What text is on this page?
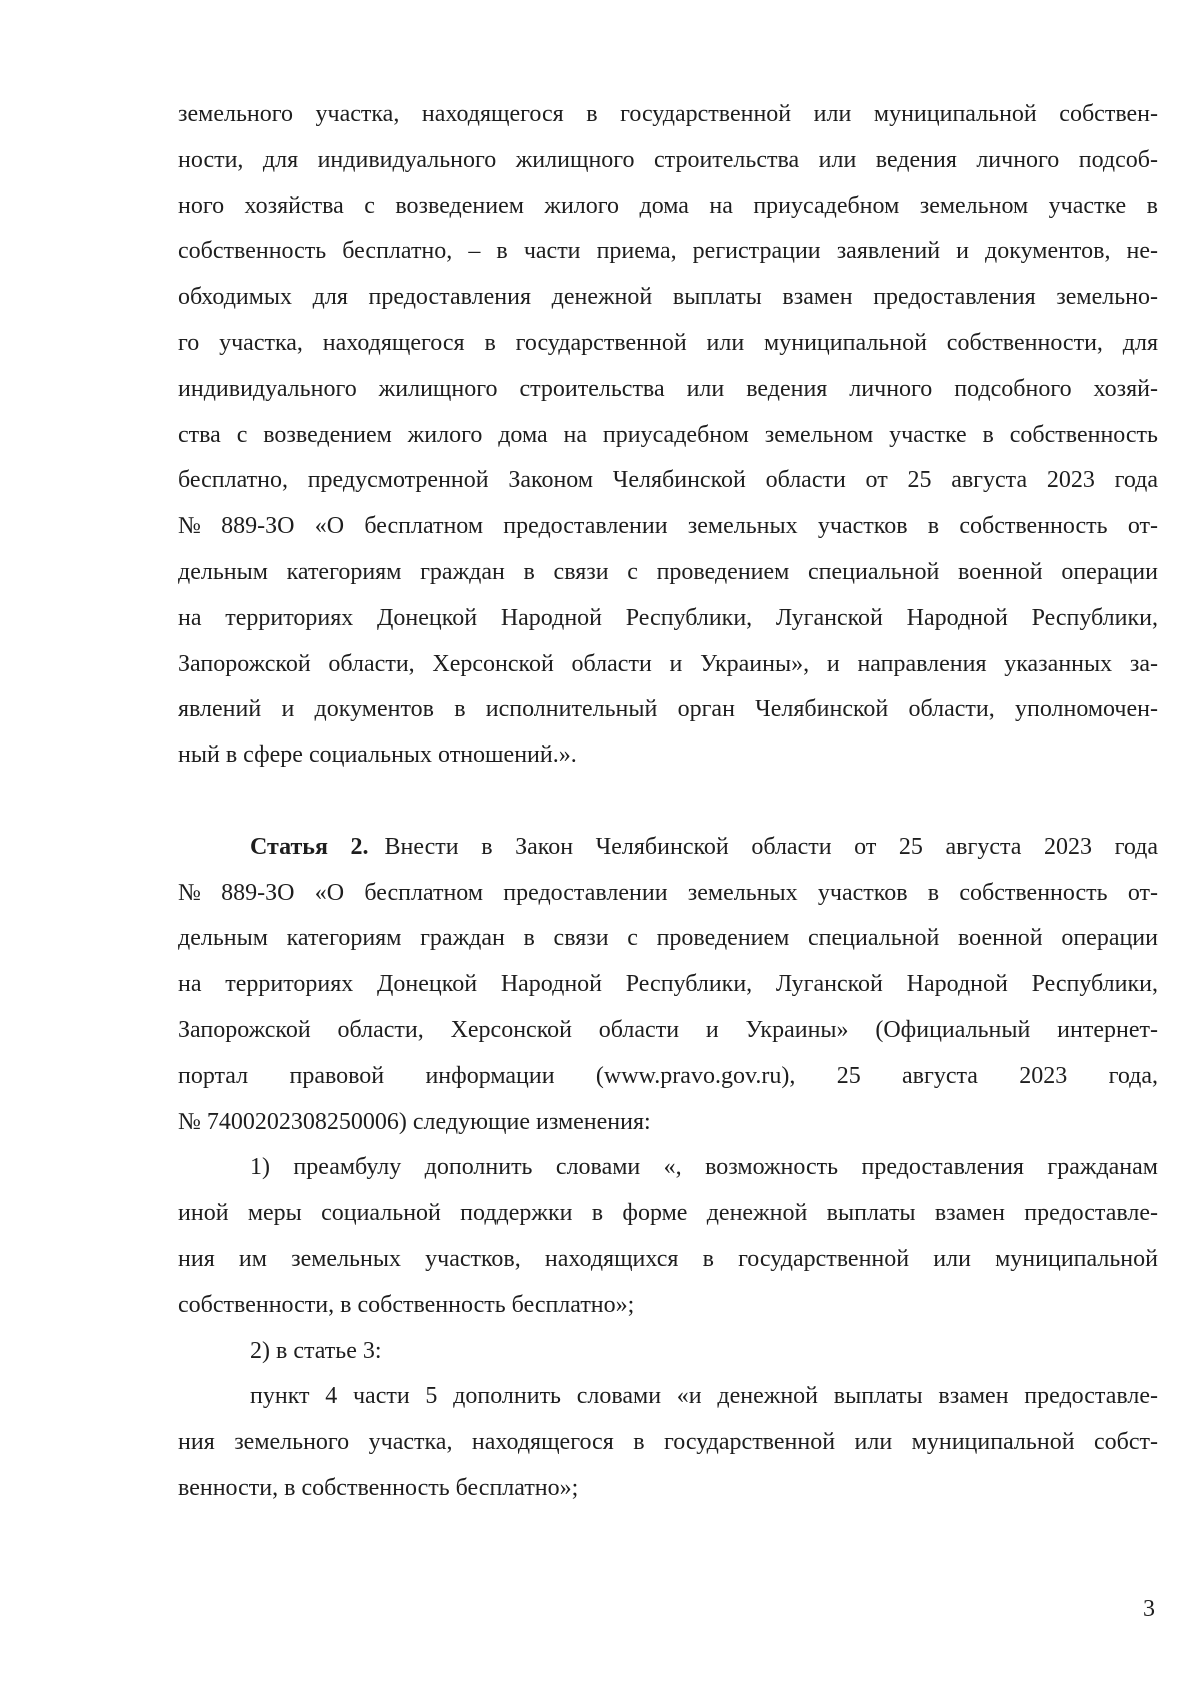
земельного участка, находящегося в государственной или муниципальной собствен-
ности, для индивидуального жилищного строительства или ведения личного подсоб-
ного хозяйства с возведением жилого дома на приусадебном земельном участке в
собственность бесплатно, – в части приема, регистрации заявлений и документов, не-
обходимых для предоставления денежной выплаты взамен предоставления земельно-
го участка, находящегося в государственной или муниципальной собственности, для
индивидуального жилищного строительства или ведения личного подсобного хозяй-
ства с возведением жилого дома на приусадебном земельном участке в собственность
бесплатно, предусмотренной Законом Челябинской области от 25 августа 2023 года
№ 889-ЗО «О бесплатном предоставлении земельных участков в собственность от-
дельным категориям граждан в связи с проведением специальной военной операции
на территориях Донецкой Народной Республики, Луганской Народной Республики,
Запорожской области, Херсонской области и Украины», и направления указанных за-
явлений и документов в исполнительный орган Челябинской области, уполномочен-
ный в сфере социальных отношений.».
Статья 2. Внести в Закон Челябинской области от 25 августа 2023 года
№ 889-ЗО «О бесплатном предоставлении земельных участков в собственность от-
дельным категориям граждан в связи с проведением специальной военной операции
на территориях Донецкой Народной Республики, Луганской Народной Республики,
Запорожской области, Херсонской области и Украины» (Официальный интернет-
портал правовой информации (www.pravo.gov.ru), 25 августа 2023 года,
№ 7400202308250006) следующие изменения:
1) преамбулу дополнить словами «, возможность предоставления гражданам
иной меры социальной поддержки в форме денежной выплаты взамен предоставле-
ния им земельных участков, находящихся в государственной или муниципальной
собственности, в собственность бесплатно»;
2) в статье 3:
пункт 4 части 5 дополнить словами «и денежной выплаты взамен предоставле-
ния земельного участка, находящегося в государственной или муниципальной собст-
венности, в собственность бесплатно»;
3
